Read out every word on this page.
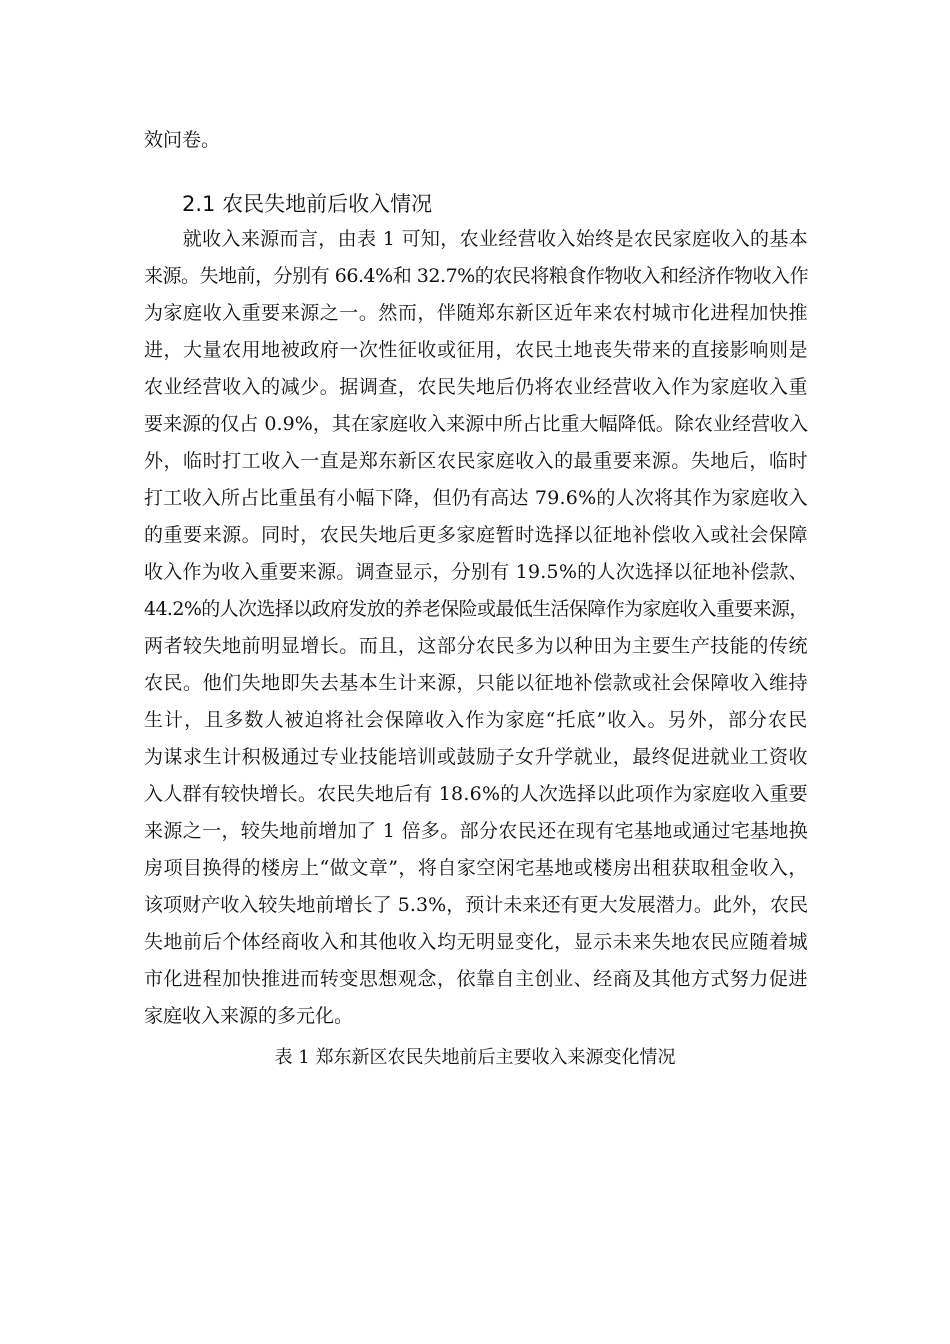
效问卷。
2.1 农民失地前后收入情况
　　就收入来源而言，由表 1 可知，农业经营收入始终是农民家庭收入的基本
来源。失地前，分别有 66.4%和 32.7%的农民将粮食作物收入和经济作物收入作
为家庭收入重要来源之一。然而，伴随郑东新区近年来农村城市化进程加快推
进，大量农用地被政府一次性征收或征用，农民土地丧失带来的直接影响则是
农业经营收入的减少。据调查，农民失地后仍将农业经营收入作为家庭收入重
要来源的仅占 0.9%，其在家庭收入来源中所占比重大幅降低。除农业经营收入
外，临时打工收入一直是郑东新区农民家庭收入的最重要来源。失地后，临时
打工收入所占比重虽有小幅下降，但仍有高达 79.6%的人次将其作为家庭收入
的重要来源。同时，农民失地后更多家庭暂时选择以征地补偿收入或社会保障
收入作为收入重要来源。调查显示，分别有 19.5%的人次选择以征地补偿款、
44.2%的人次选择以政府发放的养老保险或最低生活保障作为家庭收入重要来源，
两者较失地前明显增长。而且，这部分农民多为以种田为主要生产技能的传统
农民。他们失地即失去基本生计来源，只能以征地补偿款或社会保障收入维持
生计，且多数人被迫将社会保障收入作为家庭“托底”收入。另外，部分农民
为谋求生计积极通过专业技能培训或鼓励子女升学就业，最终促进就业工资收
入人群有较快增长。农民失地后有 18.6%的人次选择以此项作为家庭收入重要
来源之一，较失地前增加了 1 倍多。部分农民还在现有宅基地或通过宅基地换
房项目换得的楼房上“做文章”，将自家空闲宅基地或楼房出租获取租金收入，
该项财产收入较失地前增长了 5.3%，预计未来还有更大发展潜力。此外，农民
失地前后个体经商收入和其他收入均无明显变化，显示未来失地农民应随着城
市化进程加快推进而转变思想观念，依靠自主创业、经商及其他方式努力促进
家庭收入来源的多元化。
表 1 郑东新区农民失地前后主要收入来源变化情况
